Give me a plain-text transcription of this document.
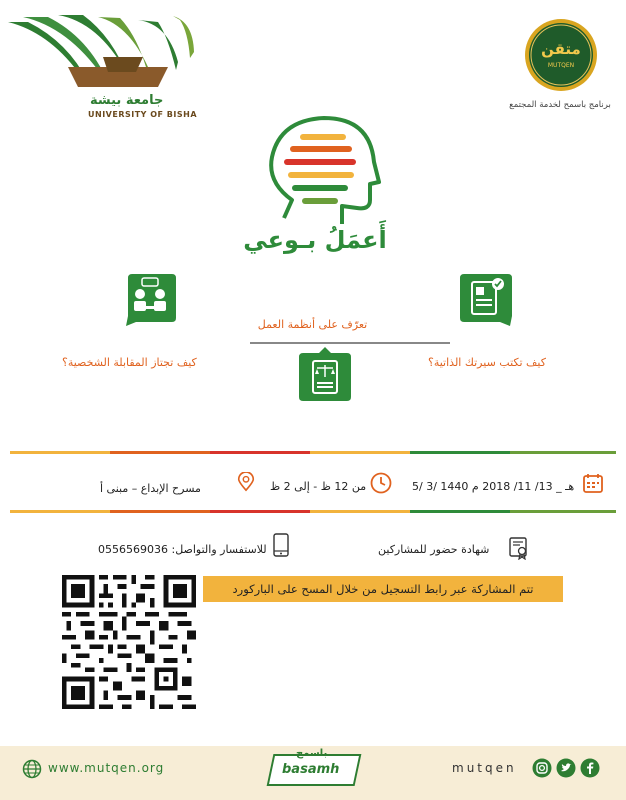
جامعة بيشة
UNIVERSITY OF BISHA
متقن
MUTQEN
برنامج باسمح لخدمة المجتمع
أَعمَلُ بـوعي
تعرّف على أنظمة العمل
كيف تجتاز المقابلة الشخصية؟	كيف تكتب سيرتك الذاتية؟
5/ 3/ 1440 هـ _ 13/ 11/ 2018 م
من 12 ظ - إلى 2 ظ
مسرح الإبداع – مبنى أ
شهادة حضور للمشاركين
للاستفسار والتواصل: 0556569036
تتم المشاركة عبر رابط التسجيل من خلال المسح على الباركورد
www.mutqen.org
باسمح
basamh	mutqen
